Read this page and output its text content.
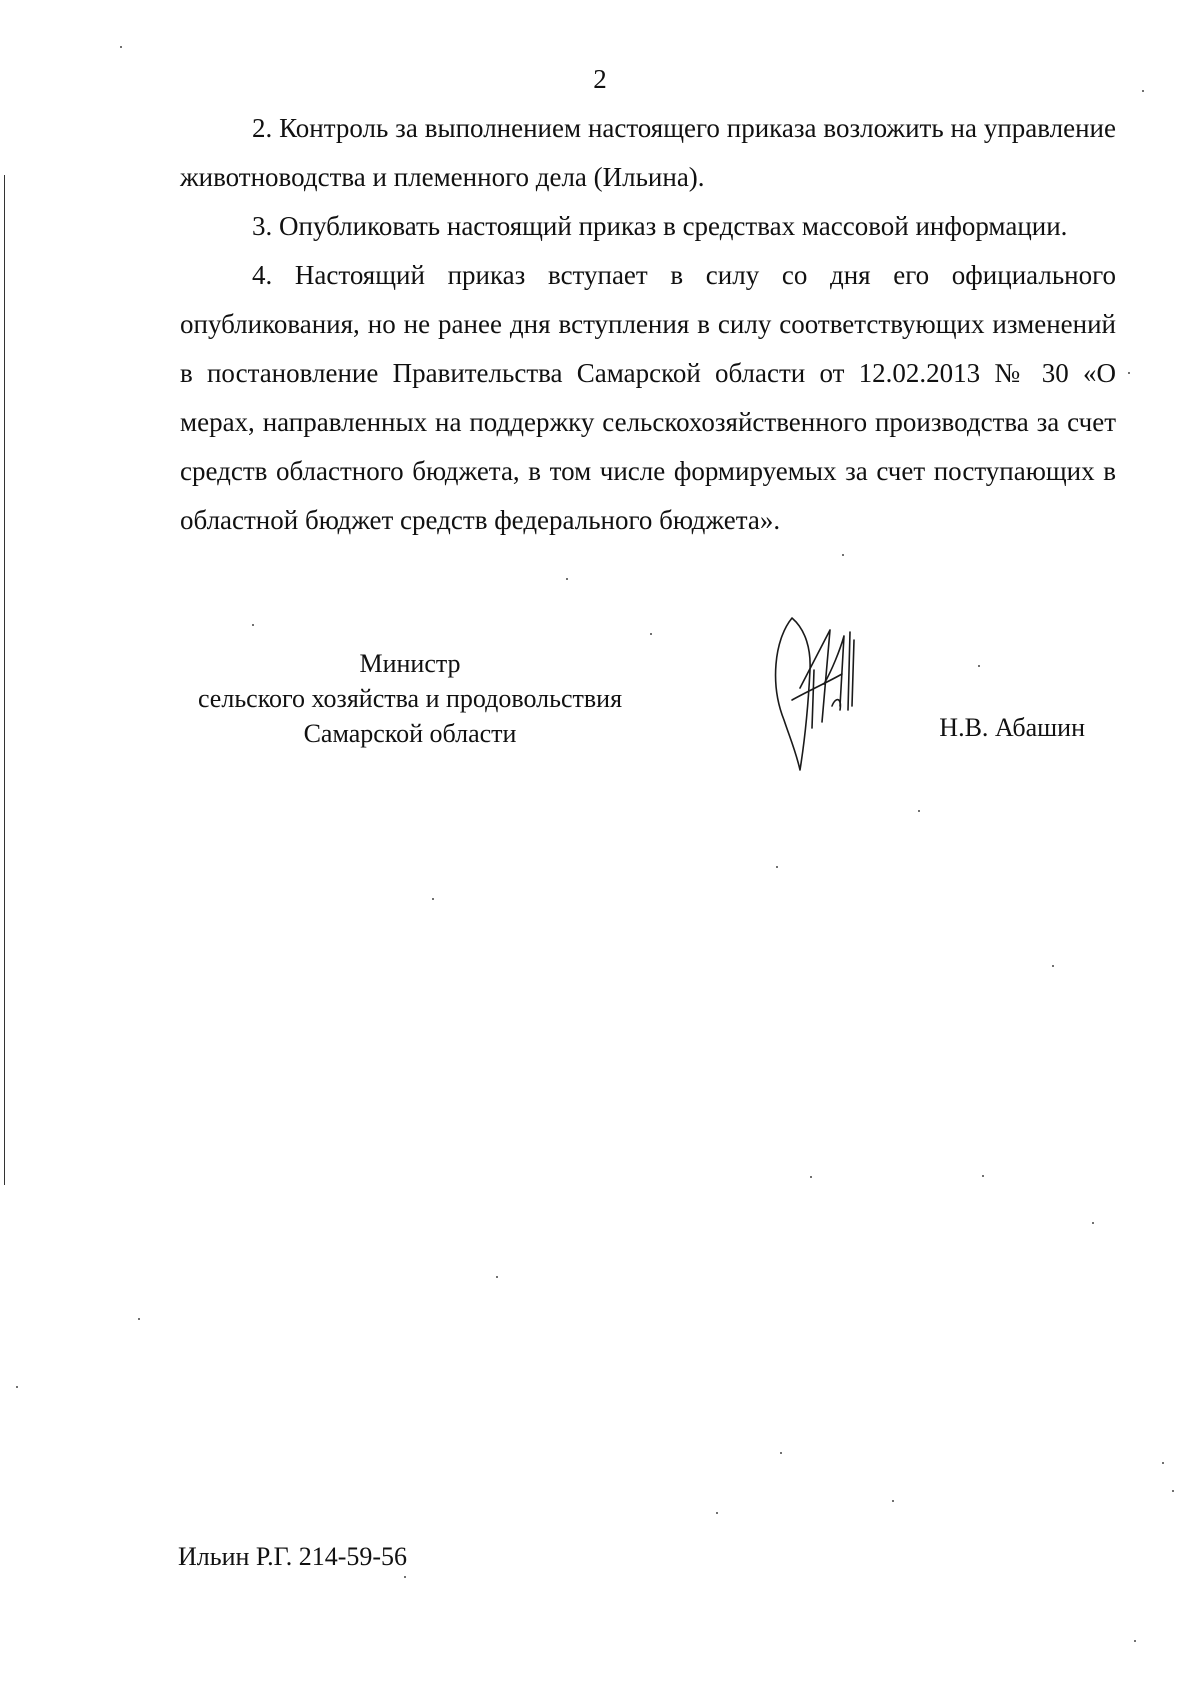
2

2. Контроль за выполнением настоящего приказа возложить на управление животноводства и племенного дела (Ильина).

3. Опубликовать настоящий приказ в средствах массовой информации.

4. Настоящий приказ вступает в силу со дня его официального опубликования, но не ранее дня вступления в силу соответствующих изменений в постановление Правительства Самарской области от 12.02.2013 № 30 «О мерах, направленных на поддержку сельскохозяйственного производства за счет средств областного бюджета, в том числе формируемых за счет поступающих в областной бюджет средств федерального бюджета».

Министр
сельского хозяйства и продовольствия
Самарской области	Н.В. Абашин
Ильин Р.Г. 214-59-56
